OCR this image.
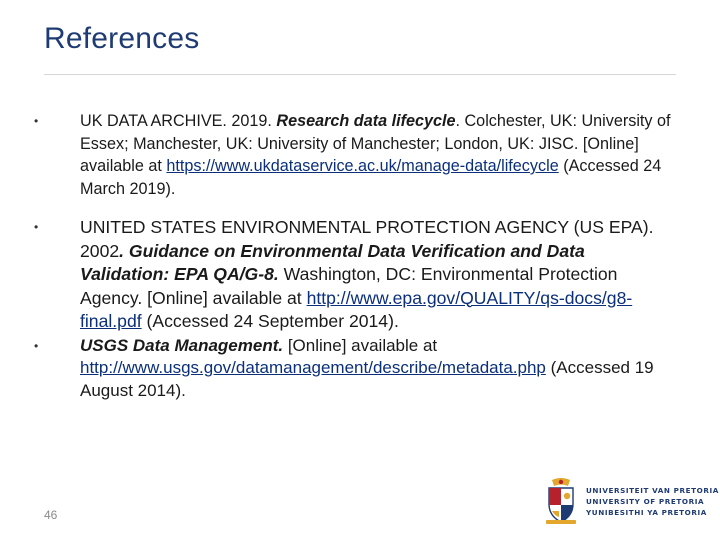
References
•	UK DATA ARCHIVE. 2019. Research data lifecycle. Colchester, UK: University of Essex; Manchester, UK: University of Manchester; London, UK: JISC. [Online] available at https://www.ukdataservice.ac.uk/manage-data/lifecycle (Accessed 24 March 2019).
• UNITED STATES ENVIRONMENTAL PROTECTION AGENCY (US EPA). 2002. Guidance on Environmental Data Verification and Data Validation: EPA QA/G-8. Washington, DC: Environmental Protection Agency. [Online] available at http://www.epa.gov/QUALITY/qs-docs/g8-final.pdf (Accessed 24 September 2014).
• USGS Data Management. [Online] available at http://www.usgs.gov/datamanagement/describe/metadata.php (Accessed 19 August 2014).
46
UNIVERSITEIT VAN PRETORIA
UNIVERSITY OF PRETORIA
YUNIBESITHI YA PRETORIA
